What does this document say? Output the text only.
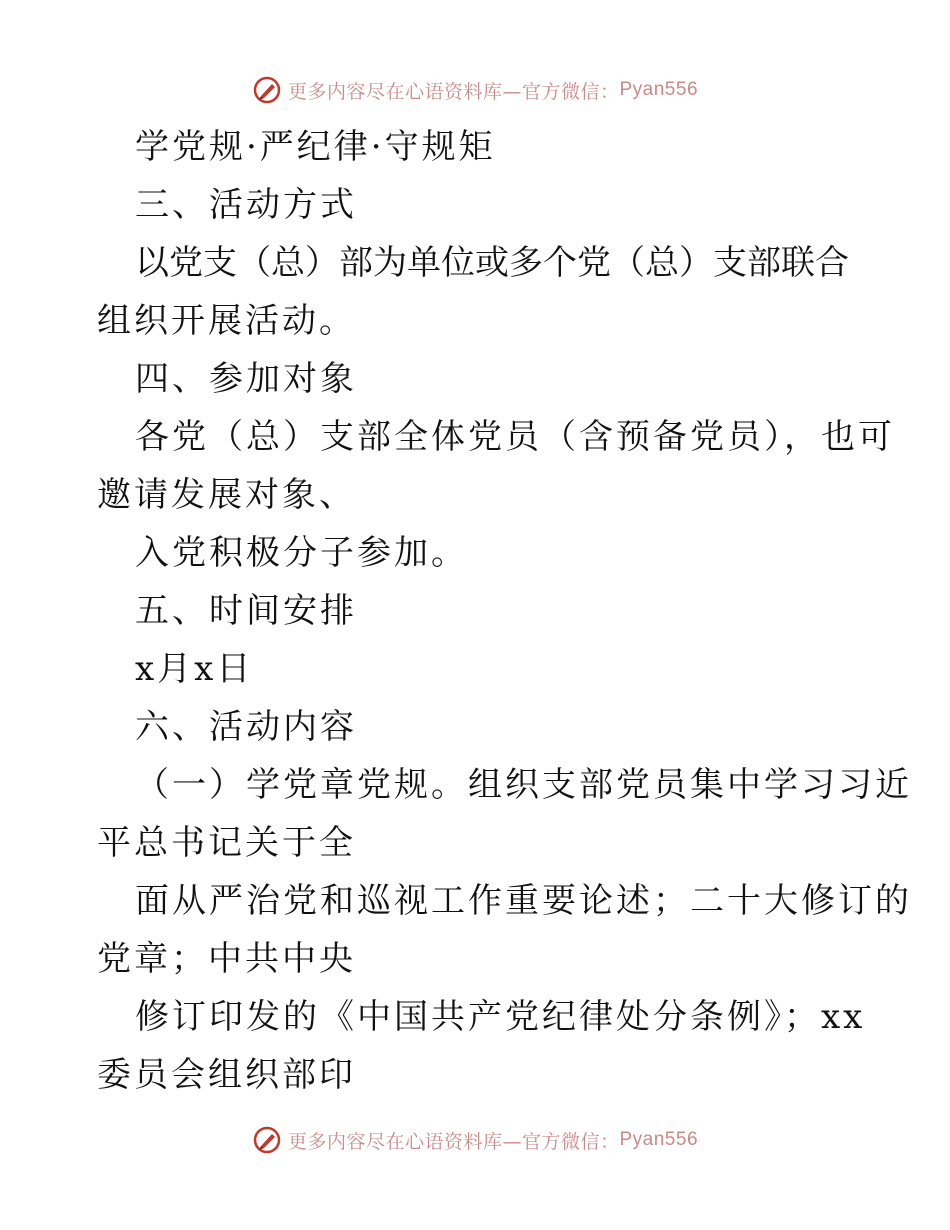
更多内容尽在心语资料库—官方微信： Pyan556
学党规·严纪律·守规矩
三、活动方式
以党支（总）部为单位或多个党（总）支部联合
组织开展活动。
四、参加对象
各党（总）支部全体党员（含预备党员），也可
邀请发展对象、
入党积极分子参加。
五、时间安排
x月x日
六、活动内容
（一）学党章党规。组织支部党员集中学习习近
平总书记关于全
面从严治党和巡视工作重要论述；二十大修订的
党章；中共中央
修订印发的《中国共产党纪律处分条例》；xx
委员会组织部印
更多内容尽在心语资料库—官方微信： Pyan556
